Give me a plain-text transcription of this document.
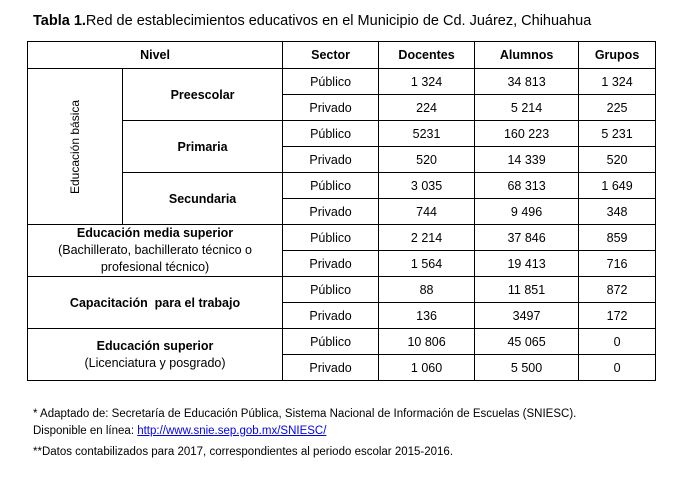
Tabla 1.Red de establecimientos educativos en el Municipio de Cd. Juárez, Chihuahua
Nivel		Sector	Docentes	Alumnos	Grupos
Educación básica	Preescolar	Público	1 324	34 813	1 324
		Privado	224	5 214	225
	Primaria	Público	5231	160 223	5 231
		Privado	520	14 339	520
	Secundaria	Público	3 035	68 313	1 649
		Privado	744	9 496	348

Educación media superior
(Bachillerato, bachillerato técnico o profesional técnico)		Público	2 214	37 846	859
		Privado	1 564	19 413	716
Capacitación  para el trabajo		Público	88	11 851	872
		Privado	136	3497	172

Educación superior
(Licenciatura y posgrado)		Público	10 806	45 065	0
		Privado	1 060	5 500	0
* Adaptado de: Secretaría de Educación Pública, Sistema Nacional de Información de Escuelas (SNIESC). Disponible en línea: http://www.snie.sep.gob.mx/SNIESC/
**Datos contabilizados para 2017, correspondientes al periodo escolar 2015-2016.
